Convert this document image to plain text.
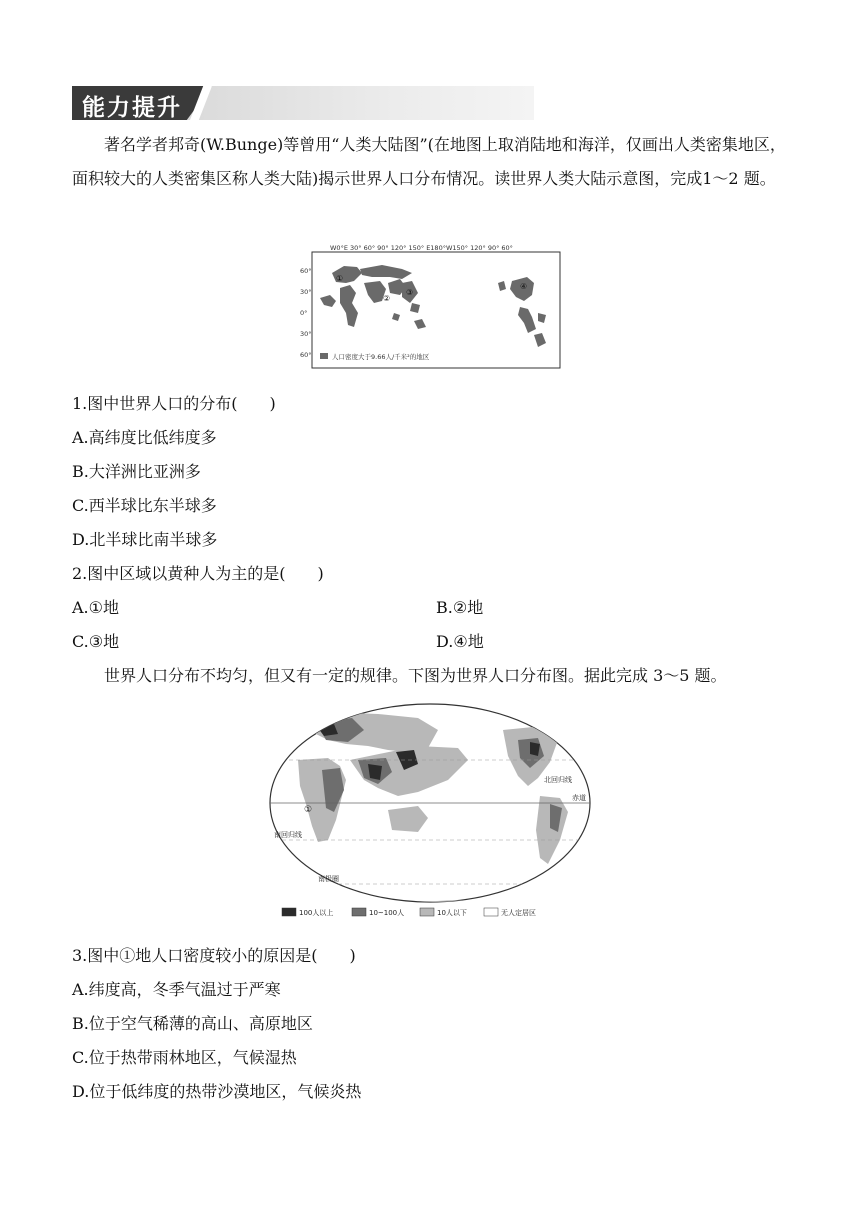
能力提升
著名学者邦奇(W.Bunge)等曾用“人类大陆图”(在地图上取消陆地和海洋，仅画出人类密集地区，面积较大的人类密集区称人类大陆)揭示世界人口分布情况。读世界人类大陆示意图，完成1～2 题。
W0°E 30° 60° 90° 120° 150° E180°W150° 120° 90° 60°
60°
30°
0°
30°
60°
①
②
③
④
人口密度大于9.66人/千米²的地区
1.图中世界人口的分布(　　)
A.高纬度比低纬度多
B.大洋洲比亚洲多
C.西半球比东半球多
D.北半球比南半球多
2.图中区域以黄种人为主的是(　　)
A.①地	B.②地
C.③地	D.④地
世界人口分布不均匀，但又有一定的规律。下图为世界人口分布图。据此完成 3～5 题。
北回归线
赤道
南回归线
南极圈
①
100人以上	10~100人	10人以下	无人定居区
3.图中①地人口密度较小的原因是(　　)
A.纬度高，冬季气温过于严寒
B.位于空气稀薄的高山、高原地区
C.位于热带雨林地区，气候湿热
D.位于低纬度的热带沙漠地区，气候炎热
